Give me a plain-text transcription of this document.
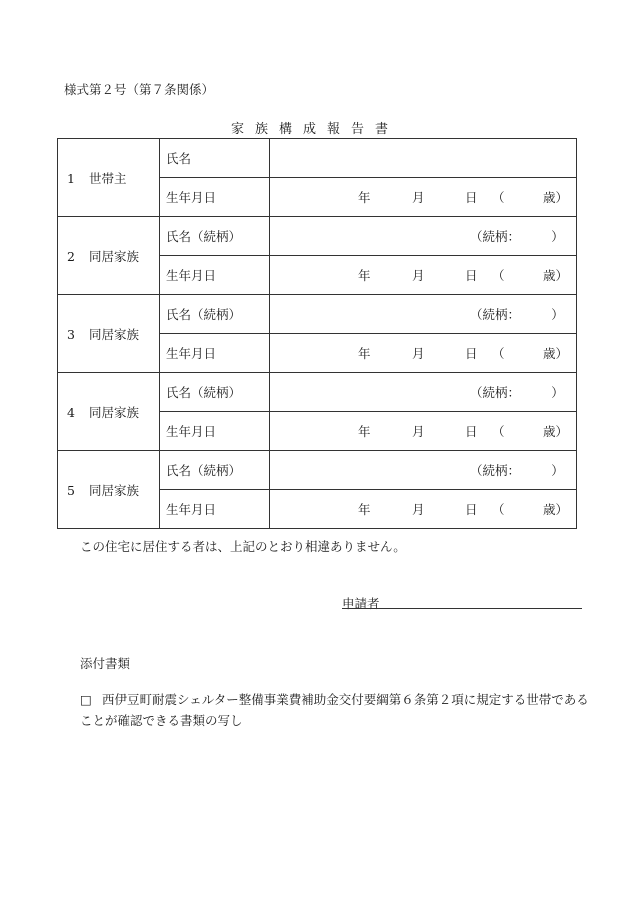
様式第２号（第７条関係）
家族構成報告書
1 世帯主	氏名	
	生年月日	年 月 日 （ 歳）

2 同居家族	氏名（続柄）	（続柄：　　　）

	生年月日	年 月 日 （ 歳）

3 同居家族	氏名（続柄）	（続柄：　　　）

	生年月日	年 月 日 （ 歳）

4 同居家族	氏名（続柄）	（続柄：　　　）

	生年月日	年 月 日 （ 歳）

5 同居家族	氏名（続柄）	（続柄：　　　）

	生年月日	年 月 日 （ 歳）
この住宅に居住する者は、上記のとおり相違ありません。
申請者
添付書類
□ 西伊豆町耐震シェルター整備事業費補助金交付要綱第６条第２項に規定する世帯であることが確認できる書類の写し
